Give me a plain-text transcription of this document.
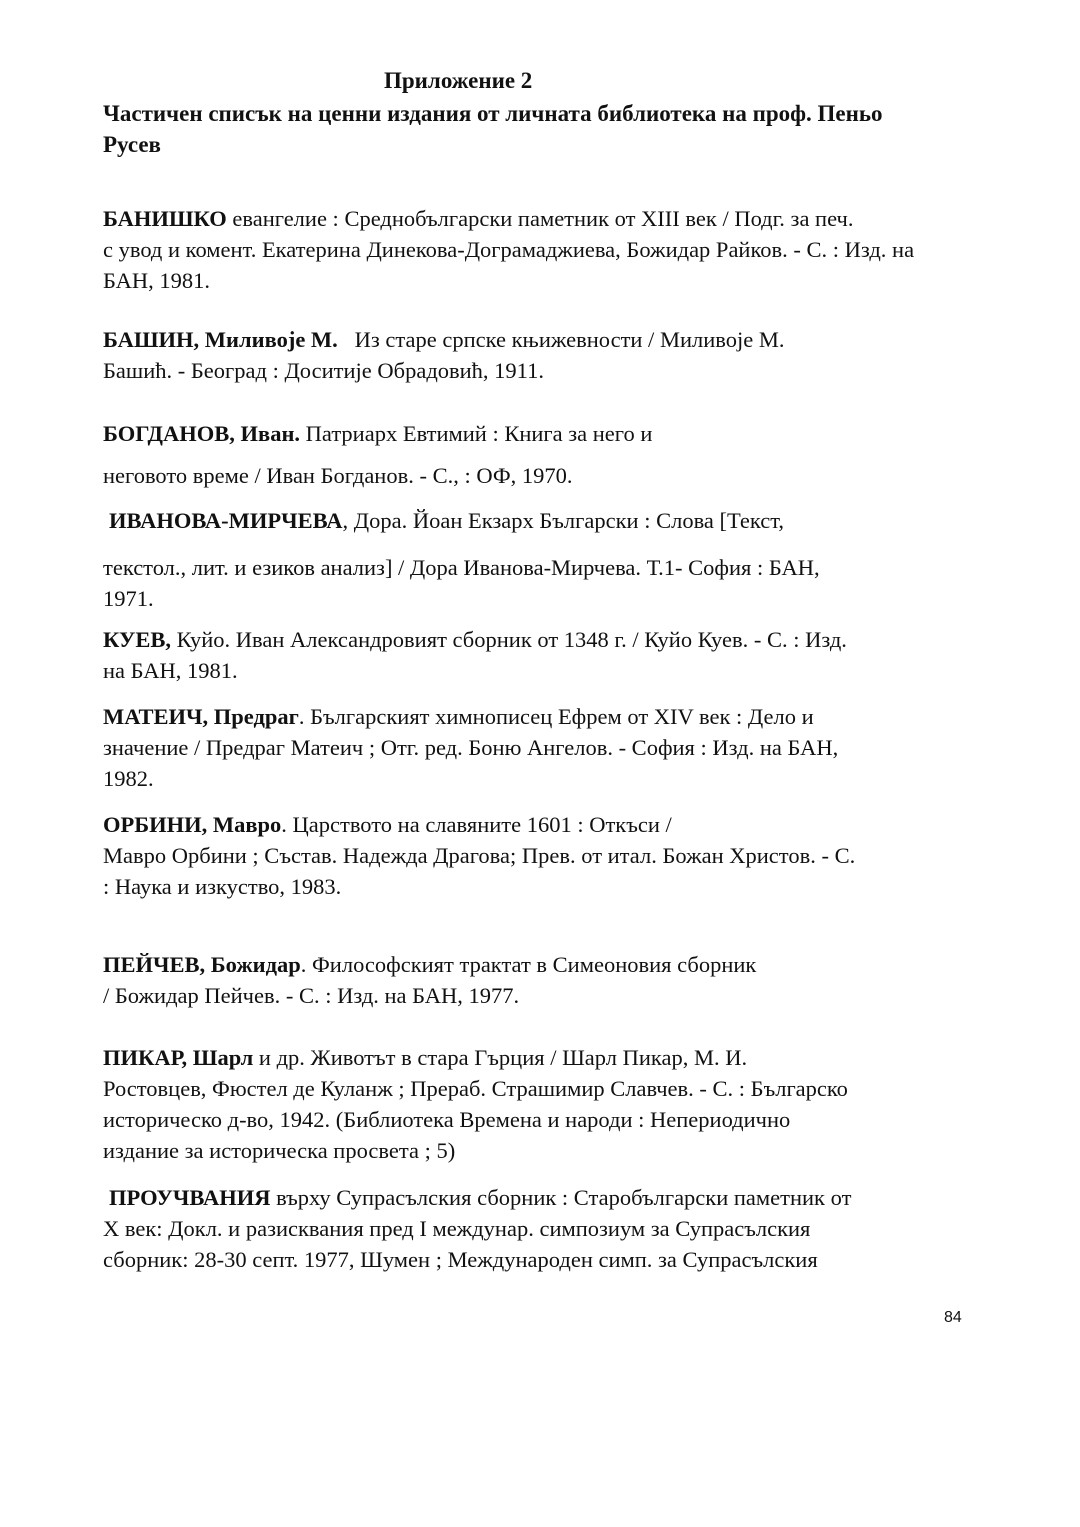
Приложение 2

Частичен списък на ценни издания от личната библиотека на проф. Пеньо Русев

БАНИШКО евангелие : Среднобългарски паметник от XIII век / Подг. за печ.
с увод и комент. Екатерина Динекова-Дограмаджиева, Божидар Райков. - С. : Изд. на
БАН, 1981.

БАШИН, Миливоје М.   Из старе српске књижевности / Миливоје М.
Башић. - Београд : Доситије Обрадовић, 1911.

БОГДАНОВ, Иван. Патриарх Евтимий : Книга за него и
неговото време / Иван Богданов. - С., : ОФ, 1970.

ИВАНОВА-МИРЧЕВА, Дора. Йоан Екзарх Български : Слова [Текст,
текстол., лит. и езиков анализ] / Дора Иванова-Мирчева. Т.1- София : БАН,
1971.

КУЕВ, Куйо. Иван Александровият сборник от 1348 г. / Куйо Куев. - С. : Изд.
на БАН, 1981.

МАТЕИЧ, Предраг. Българският химнописец Ефрем от XIV век : Дело и
значение / Предраг Матеич ; Отг. ред. Боню Ангелов. - София : Изд. на БАН,
1982.

ОРБИНИ, Мавро. Царството на славяните 1601 : Откъси /
Мавро Орбини ; Състав. Надежда Драгова; Прев. от итал. Божан Христов. - С.
: Наука и изкуство, 1983.

ПЕЙЧЕВ, Божидар. Философският трактат в Симеоновия сборник
/ Божидар Пейчев. - С. : Изд. на БАН, 1977.

ПИКАР, Шарл и др. Животът в стара Гърция / Шарл Пикар, М. И.
Ростовцев, Фюстел де Куланж ; Прераб. Страшимир Славчев. - С. : Българско
историческо д-во, 1942. (Библиотека Времена и народи : Непериодично
издание за историческа просвета ; 5)

ПРОУЧВАНИЯ върху Супрасълския сборник : Старобългарски паметник от
X век: Докл. и разисквания пред I междунар. симпозиум за Супрасълския
сборник: 28-30 септ. 1977, Шумен ; Международен симп. за Супрасълския

84
